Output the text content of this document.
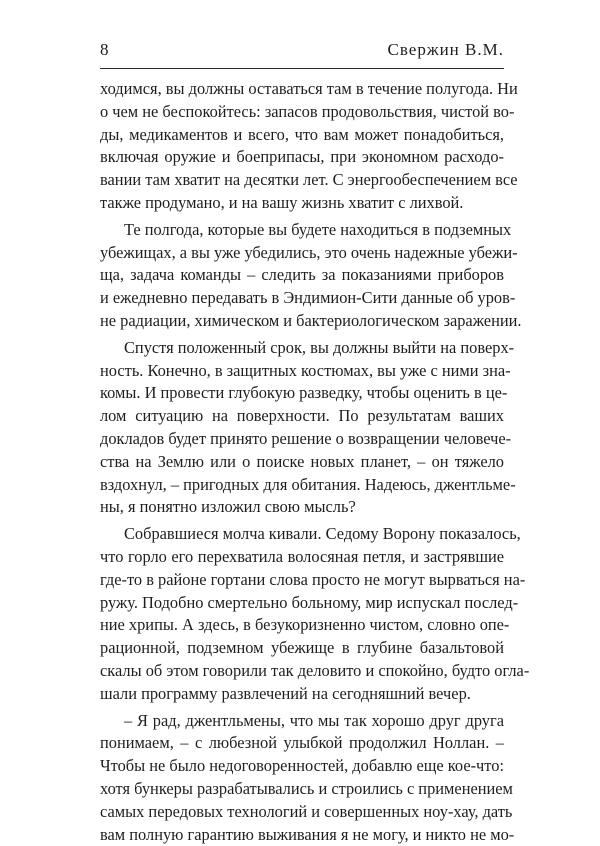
8	Свержин В.М.
ходимся, вы должны оставаться там в течение полугода. Ни
о чем не беспокойтесь: запасов продовольствия, чистой во-
ды, медикаментов и всего, что вам может понадобиться,
включая оружие и боеприпасы, при экономном расходо-
вании там хватит на десятки лет. С энергообеспечением все
также продумано, и на вашу жизнь хватит с лихвой.
Те полгода, которые вы будете находиться в подземных
убежищах, а вы уже убедились, это очень надежные убежи-
ща, задача команды – следить за показаниями приборов
и ежедневно передавать в Эндимион-Сити данные об уров-
не радиации, химическом и бактериологическом заражении.
Спустя положенный срок, вы должны выйти на поверх-
ность. Конечно, в защитных костюмах, вы уже с ними зна-
комы. И провести глубокую разведку, чтобы оценить в це-
лом ситуацию на поверхности. По результатам ваших
докладов будет принято решение о возвращении человече-
ства на Землю или о поиске новых планет, – он тяжело
вздохнул, – пригодных для обитания. Надеюсь, джентльме-
ны, я понятно изложил свою мысль?
Собравшиеся молча кивали. Седому Ворону показалось,
что горло его перехватила волосяная петля, и застрявшие
где-то в районе гортани слова просто не могут вырваться на-
ружу. Подобно смертельно больному, мир испускал послед-
ние хрипы. А здесь, в безукоризненно чистом, словно опе-
рационной, подземном убежище в глубине базальтовой
скалы об этом говорили так деловито и спокойно, будто огла-
шали программу развлечений на сегодняшний вечер.
– Я рад, джентльмены, что мы так хорошо друг друга
понимаем, – с любезной улыбкой продолжил Ноллан. –
Чтобы не было недоговоренностей, добавлю еще кое-что:
хотя бункеры разрабатывались и строились с применением
самых передовых технологий и совершенных ноу-хау, дать
вам полную гарантию выживания я не могу, и никто не мо-
